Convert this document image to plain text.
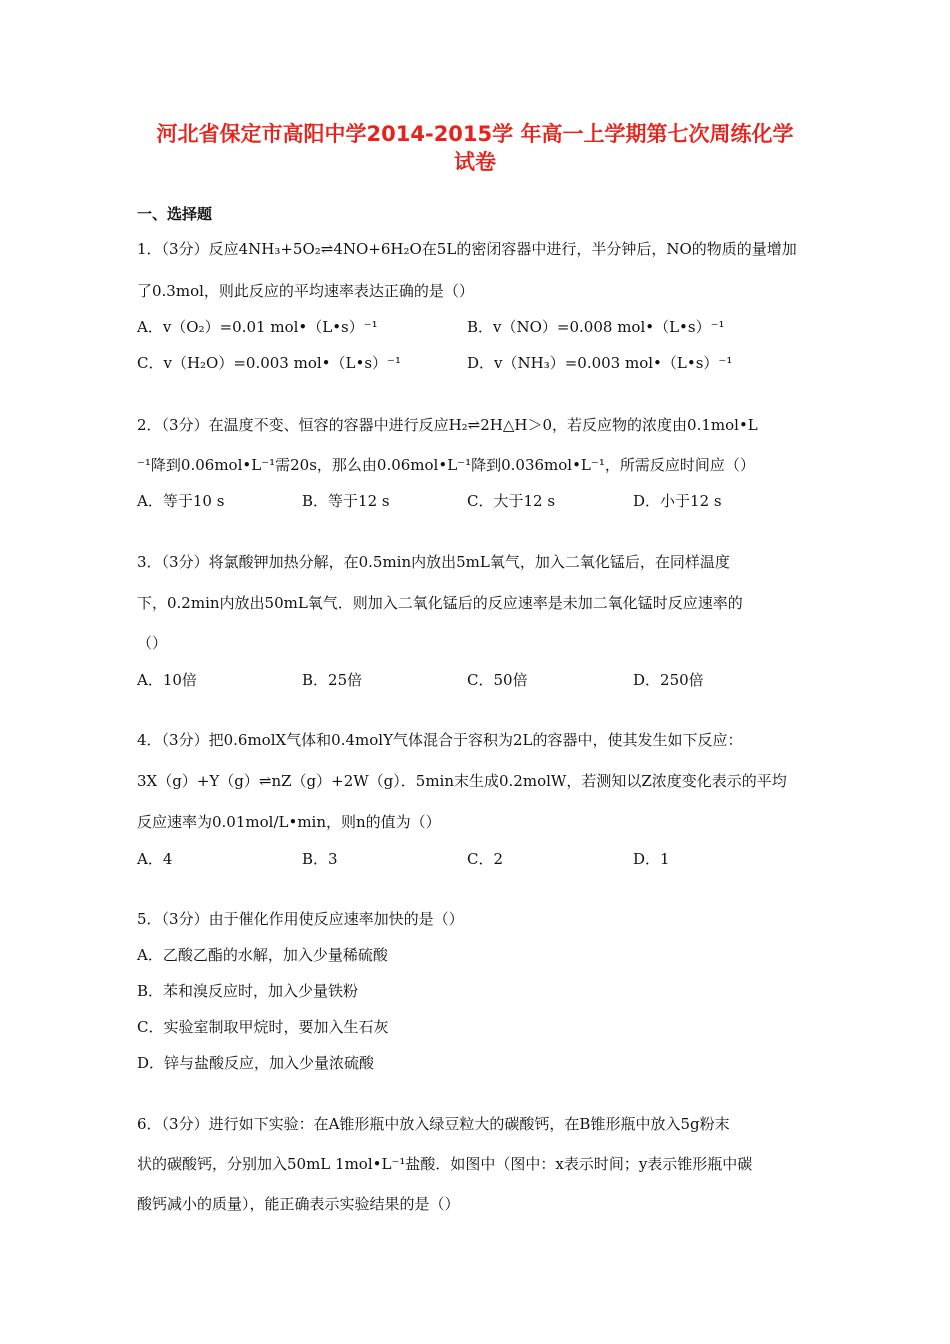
河北省保定市高阳中学2014-2015学 年高一上学期第七次周练化学
试卷
一、选择题
1．（3分）反应4NH₃+5O₂⇌4NO+6H₂O在5L的密闭容器中进行，半分钟后，NO的物质的量增加
了0.3mol，则此反应的平均速率表达正确的是（）
A．v（O₂）=0.01 mol•（L•s）⁻¹	B．v（NO）=0.008 mol•（L•s）⁻¹
C．v（H₂O）=0.003 mol•（L•s）⁻¹	D．v（NH₃）=0.003 mol•（L•s）⁻¹
2．（3分）在温度不变、恒容的容器中进行反应H₂⇌2H△H＞0，若反应物的浓度由0.1mol•L
⁻¹降到0.06mol•L⁻¹需20s，那么由0.06mol•L⁻¹降到0.036mol•L⁻¹，所需反应时间应（）
A．等于10 s	B．等于12 s	C．大于12 s	D．小于12 s
3．（3分）将氯酸钾加热分解，在0.5min内放出5mL氧气，加入二氧化锰后，在同样温度
下，0.2min内放出50mL氧气．则加入二氧化锰后的反应速率是未加二氧化锰时反应速率的
（）
A．10倍	B．25倍	C．50倍	D．250倍
4．（3分）把0.6molX气体和0.4molY气体混合于容积为2L的容器中，使其发生如下反应：
3X（g）+Y（g）⇌nZ（g）+2W（g）．5min末生成0.2molW，若测知以Z浓度变化表示的平均
反应速率为0.01mol/L•min，则n的值为（）
A．4	B．3	C．2	D．1
5．（3分）由于催化作用使反应速率加快的是（）
A．乙酸乙酯的水解，加入少量稀硫酸
B．苯和溴反应时，加入少量铁粉
C．实验室制取甲烷时，要加入生石灰
D．锌与盐酸反应，加入少量浓硫酸
6．（3分）进行如下实验：在A锥形瓶中放入绿豆粒大的碳酸钙，在B锥形瓶中放入5g粉末
状的碳酸钙，分别加入50mL 1mol•L⁻¹盐酸．如图中（图中：x表示时间；y表示锥形瓶中碳
酸钙减小的质量），能正确表示实验结果的是（）
